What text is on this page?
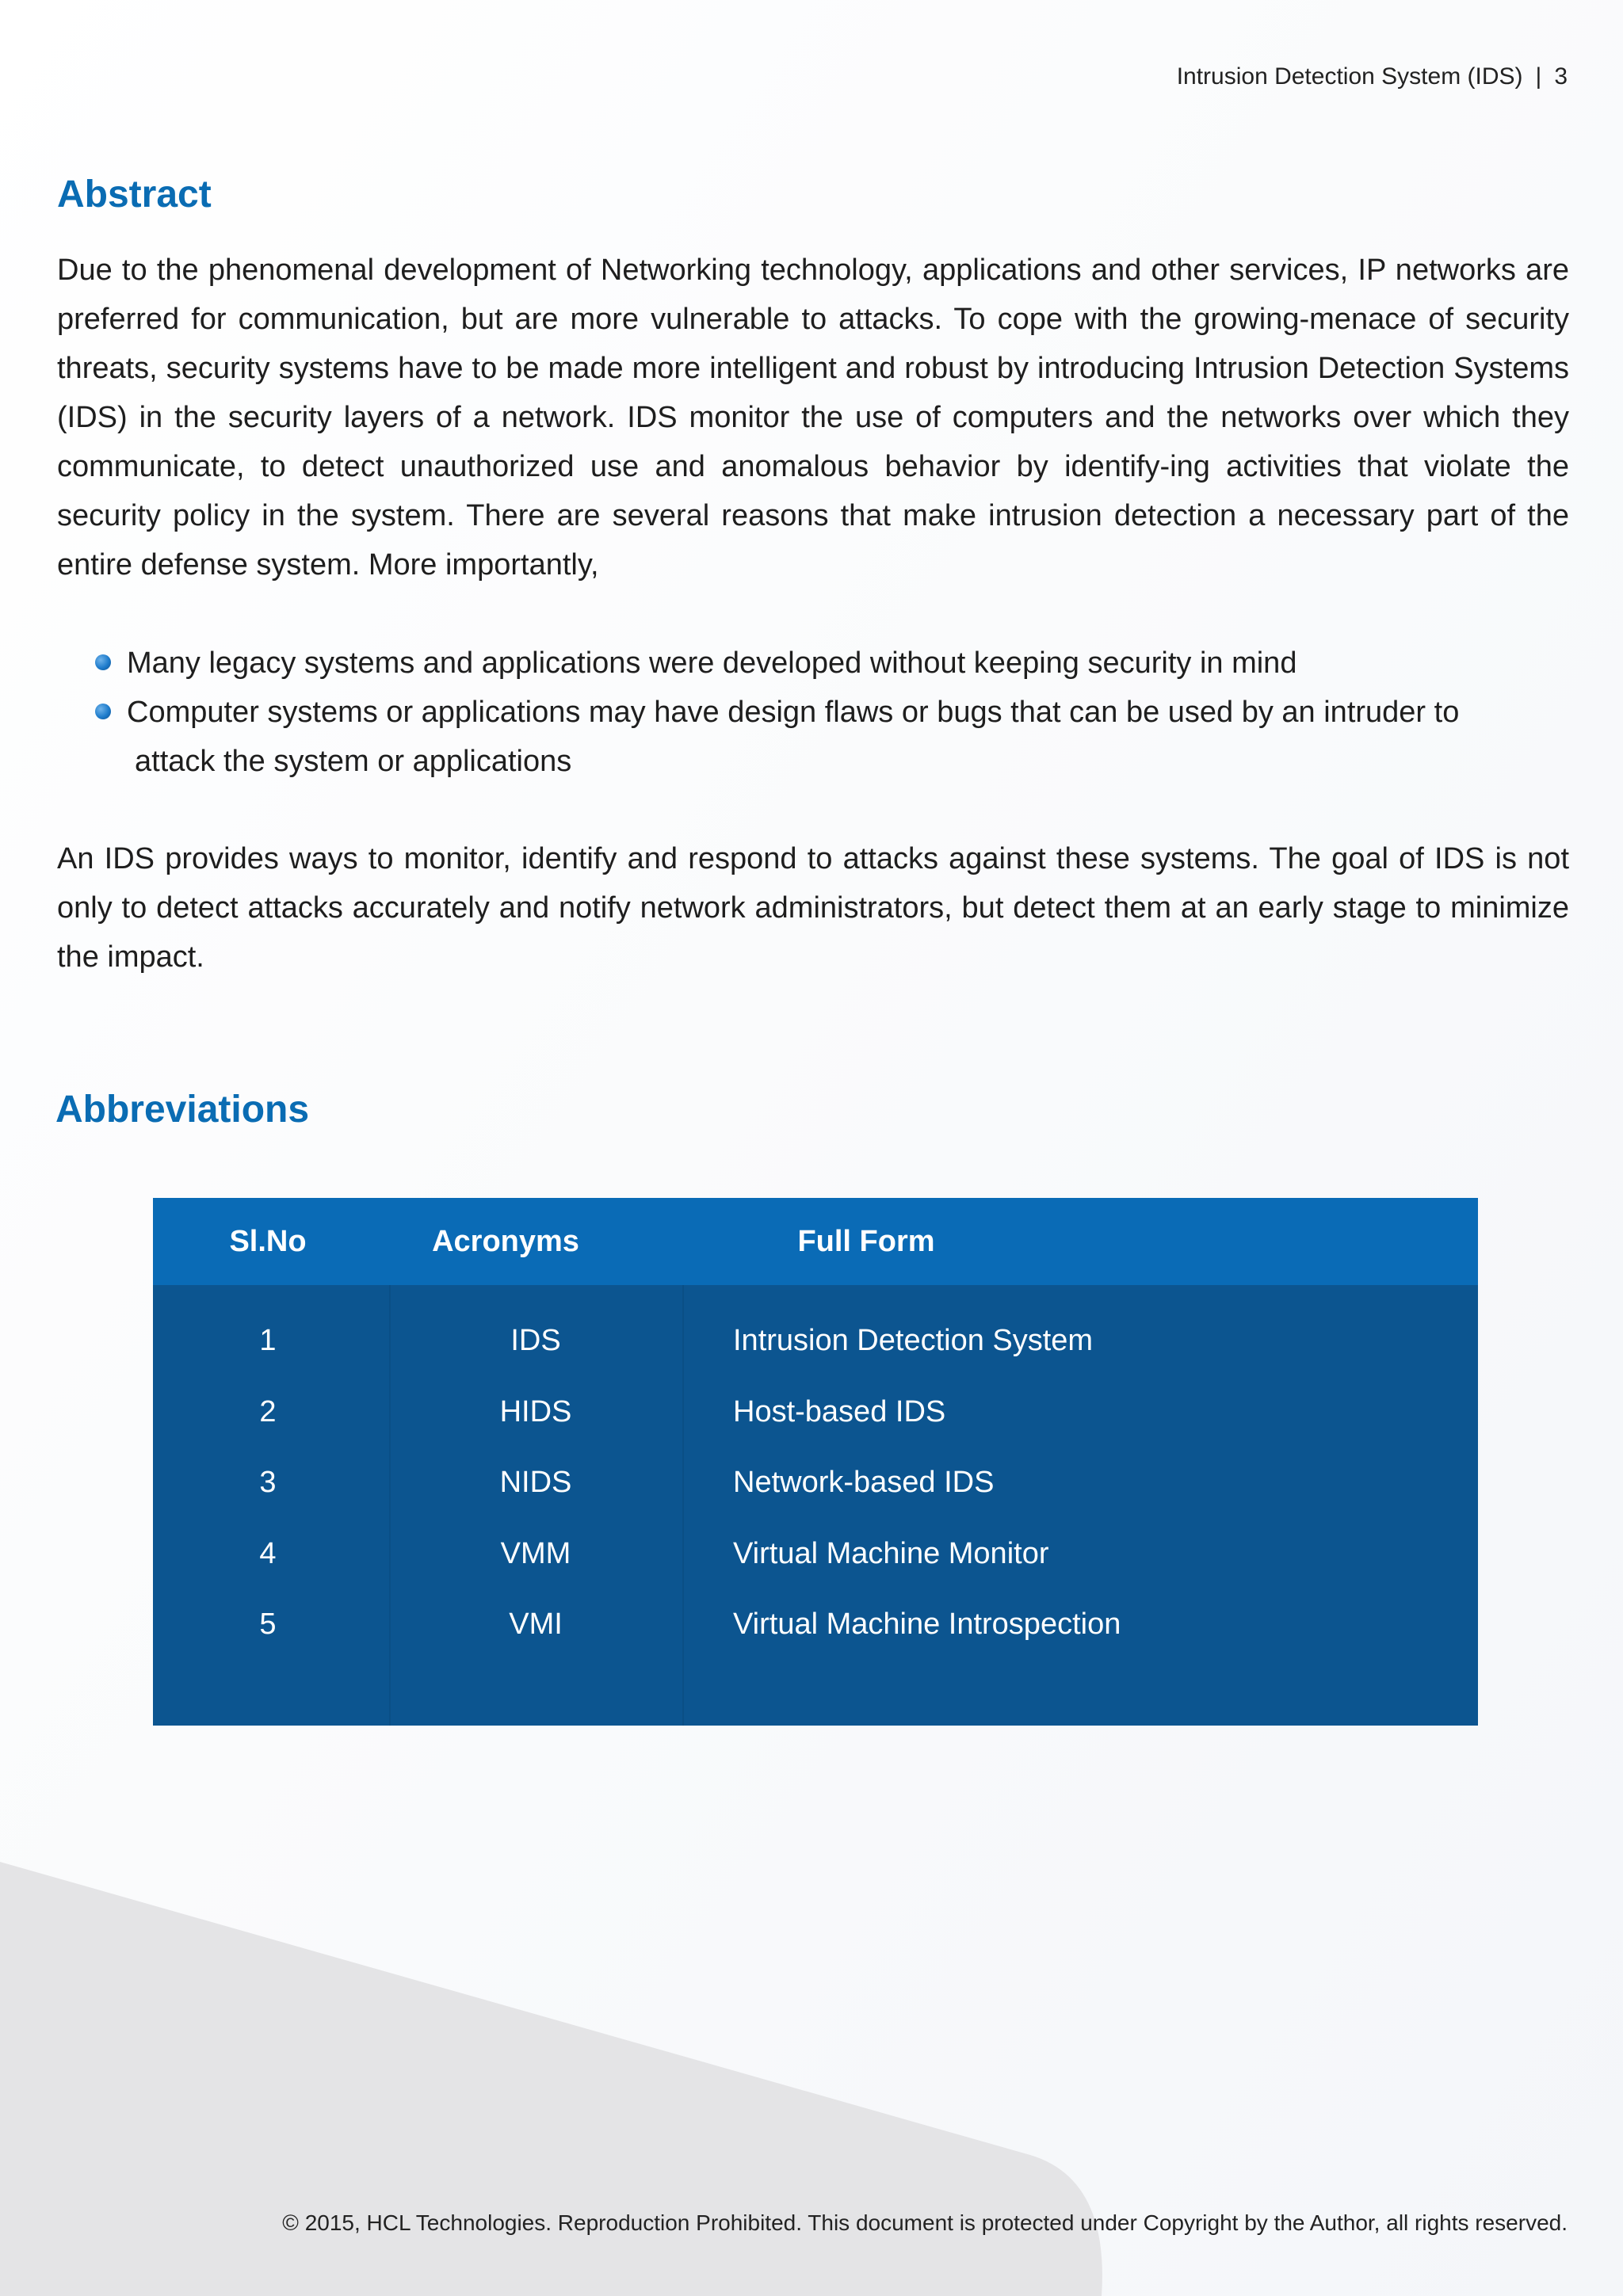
Intrusion Detection System (IDS) | 3
Abstract

Due to the phenomenal development of Networking technology, applications and other services, IP networks are preferred for communication, but are more vulnerable to attacks. To cope with the growing-menace of security threats, security systems have to be made more intelligent and robust by introducing Intrusion Detection Systems (IDS) in the security layers of a network. IDS monitor the use of computers and the networks over which they communicate, to detect unauthorized use and anomalous behavior by identify-ing activities that violate the security policy in the system. There are several reasons that make intrusion detection a necessary part of the entire defense system. More importantly,

Many legacy systems and applications were developed without keeping security in mind
Computer systems or applications may have design flaws or bugs that can be used by an intruder to
attack the system or applications

An IDS provides ways to monitor, identify and respond to attacks against these systems. The goal of IDS is not only to detect attacks accurately and notify network administrators, but detect them at an early stage to minimize the impact.

Abbreviations
Sl.No	Acronyms	Full Form
1	IDS	Intrusion Detection System
2	HIDS	Host-based IDS
3	NIDS	Network-based IDS
4	VMM	Virtual Machine Monitor
5	VMI	Virtual Machine Introspection
© 2015, HCL Technologies. Reproduction Prohibited. This document is protected under Copyright by the Author, all rights reserved.
